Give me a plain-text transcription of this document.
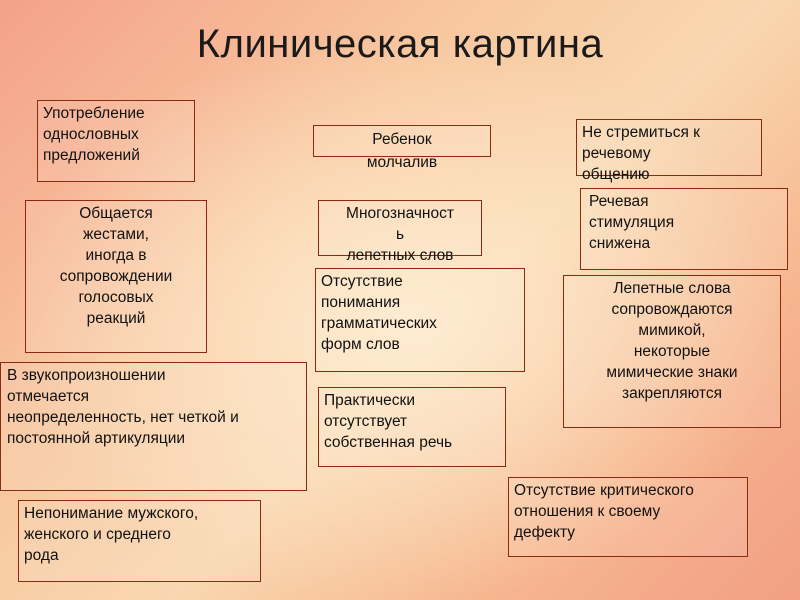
Клиническая картина
Употребление
однословных
предложений
Общается
жестами,
иногда в
сопровождении
голосовых
реакций
В звукопроизношении
отмечается
неопределенность, нет четкой и
постоянной артикуляции
Непонимание мужского,
женского и среднего
рода
Ребенок
молчалив
Многозначност
ь
лепетных слов
Отсутствие
понимания
грамматических
форм слов
Практически
отсутствует
собственная речь
Не стремиться к
речевому
общению
Речевая
стимуляция
снижена
Лепетные слова
сопровождаются
мимикой,
некоторые
мимические знаки
закрепляются
Отсутствие критического
отношения к своему
дефекту
